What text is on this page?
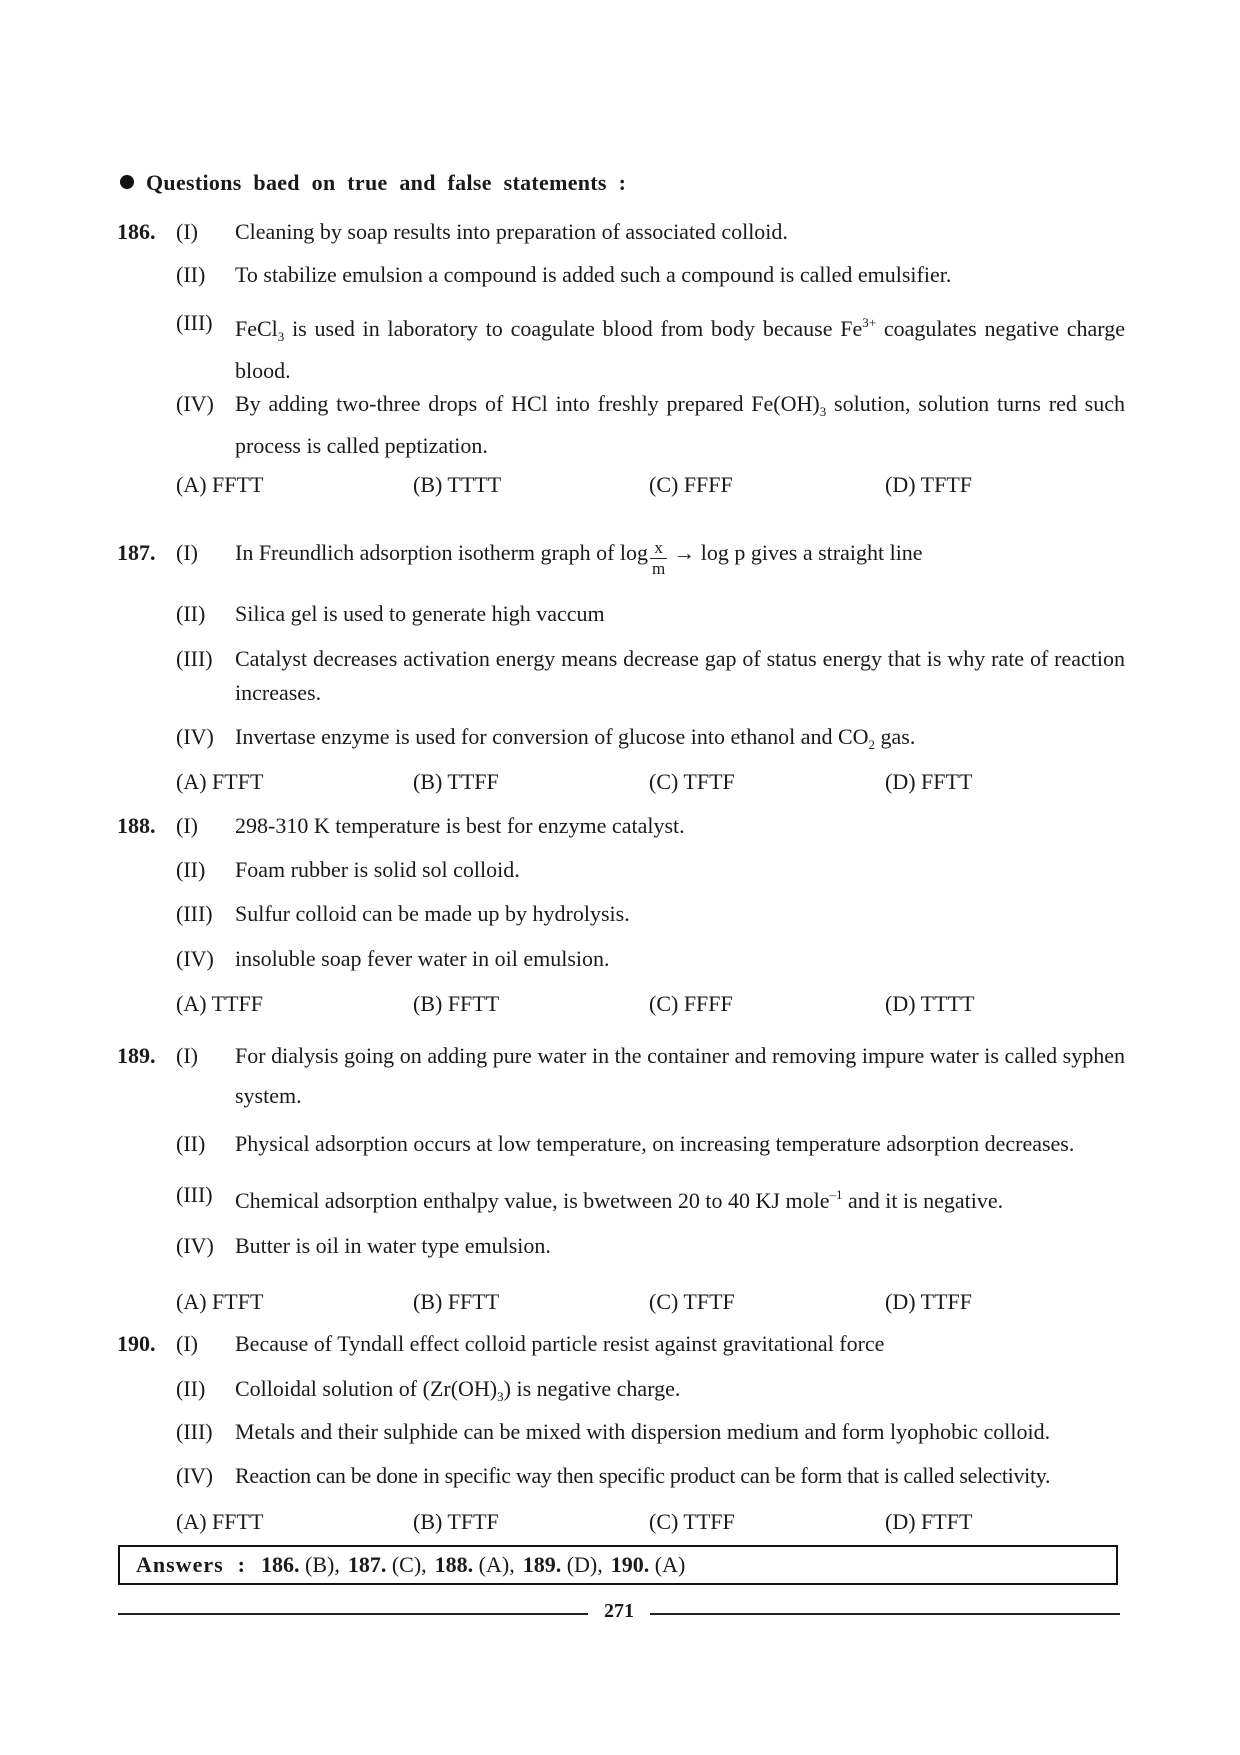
Questions baed on true and false statements :
186. (I) Cleaning by soap results into preparation of associated colloid.
(II) To stabilize emulsion a compound is added such a compound is called emulsifier.
(III) FeCl$_3$ is used in laboratory to coagulate blood from body because $Fe^{3+}$ coagulates negative charge blood.
(IV) By adding two-three drops of HCl into freshly prepared $Fe(OH)_3$ solution, solution turns red such process is called peptization.
(A) FFTT	(B) TTTT	(C) FFFF	(D) TFTF
187. (I) In Freundlich adsorption isotherm graph of $\log \frac{x}{m} \to \log p$ gives a straight line
(II) Silica gel is used to generate high vaccum
(III) Catalyst decreases activation energy means decrease gap of status energy that is why rate of reaction increases.
(IV) Invertase enzyme is used for conversion of glucose into ethanol and $CO_2$ gas.
(A) FTFT	(B) TTFF	(C) TFTF	(D) FFTT
188. (I) 298-310 K temperature is best for enzyme catalyst.
(II) Foam rubber is solid sol colloid.
(III) Sulfur colloid can be made up by hydrolysis.
(IV) insoluble soap fever water in oil emulsion.
(A) TTFF	(B) FFTT	(C) FFFF	(D) TTTT
189. (I) For dialysis going on adding pure water in the container and removing impure water is called syphen system.
(II) Physical adsorption occurs at low temperature, on increasing temperature adsorption decreases.
(III) Chemical adsorption enthalpy value, is bwetween 20 to 40 KJ mole$^{-1}$ and it is negative.
(IV) Butter is oil in water type emulsion.
(A) FTFT	(B) FFTT	(C) TFTF	(D) TTFF
190. (I) Because of Tyndall effect colloid particle resist against gravitational force
(II) Colloidal solution of $(Zr(OH)_3)$ is negative charge.
(III) Metals and their sulphide can be mixed with dispersion medium and form lyophobic colloid.
(IV) Reaction can be done in specific way then specific product can be form that is called selectivity.
(A) FFTT	(B) TFTF	(C) TTFF	(D) FTFT
Answers : 186. (B), 187. (C), 188. (A), 189. (D), 190. (A)
271
